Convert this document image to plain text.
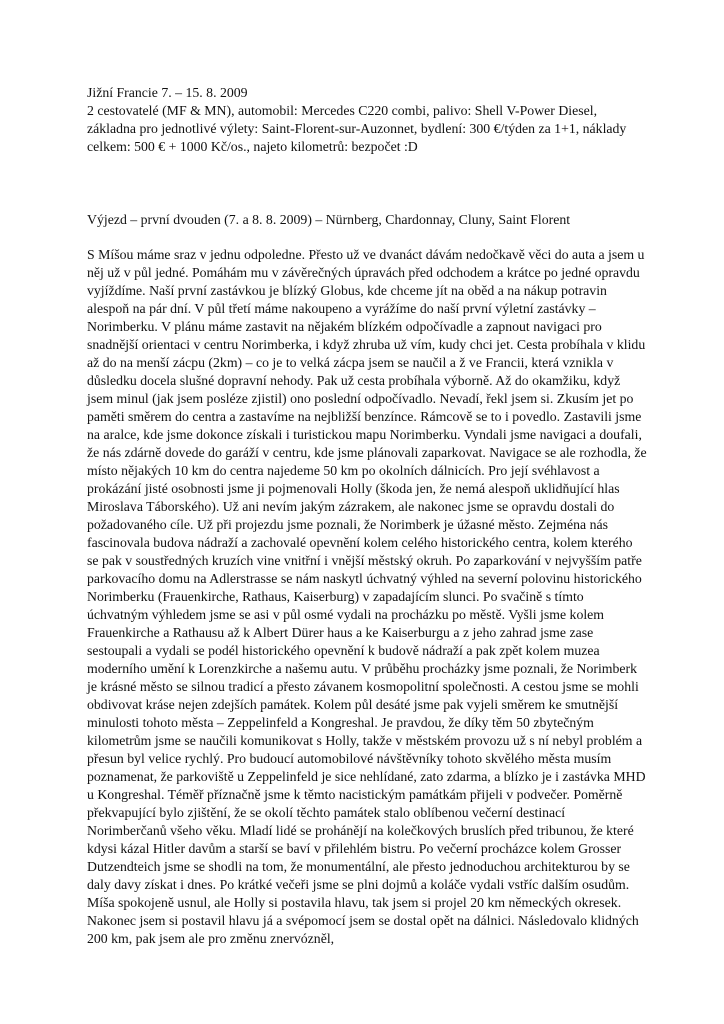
Jižní Francie 7. – 15. 8. 2009

2 cestovatelé (MF & MN), automobil: Mercedes C220 combi, palivo: Shell V-Power Diesel, základna pro jednotlivé výlety: Saint-Florent-sur-Auzonnet, bydlení: 300 €/týden za 1+1, náklady celkem: 500 € + 1000 Kč/os., najeto kilometrů: bezpočet :D

Výjezd – první dvouden (7. a 8. 8. 2009) – Nürnberg, Chardonnay, Cluny, Saint Florent

S Míšou máme sraz v jednu odpoledne. Přesto už ve dvanáct dávám nedočkavě věci do auta a jsem u něj už v půl jedné. Pomáhám mu v závěrečných úpravách před odchodem a krátce po jedné opravdu vyjíždíme. Naší první zastávkou je blízký Globus, kde chceme jít na oběd a na nákup potravin alespoň na pár dní. V půl třetí máme nakoupeno a vyrážíme do naší první výletní zastávky – Norimberku. V plánu máme zastavit na nějakém blízkém odpočívadle a zapnout navigaci pro snadnější orientaci v centru Norimberka, i když zhruba už vím, kudy chci jet. Cesta probíhala v klidu až do na menší zácpu (2km) – co je to velká zácpa jsem se naučil a ž ve Francii, která vznikla v důsledku docela slušné dopravní nehody. Pak už cesta probíhala výborně. Až do okamžiku, když jsem minul (jak jsem posléze zjistil) ono poslední odpočívadlo. Nevadí, řekl jsem si. Zkusím jet po paměti směrem do centra a zastavíme na nejbližší benzínce. Rámcově se to i povedlo. Zastavili jsme na aralce, kde jsme dokonce získali i turistickou mapu Norimberku. Vyndali jsme navigaci a doufali, že nás zdárně dovede do garáží v centru, kde jsme plánovali zaparkovat. Navigace se ale rozhodla, že místo nějakých 10 km do centra najedeme 50 km po okolních dálnicích. Pro její svéhlavost a prokázání jisté osobnosti jsme ji pojmenovali Holly (škoda jen, že nemá alespoň uklidňující hlas Miroslava Táborského). Už ani nevím jakým zázrakem, ale nakonec jsme se opravdu dostali do požadovaného cíle. Už při projezdu jsme poznali, že Norimberk je úžasné město. Zejména nás fascinovala budova nádraží a zachovalé opevnění kolem celého historického centra, kolem kterého se pak v soustředných kruzích vine vnitřní i vnější městský okruh. Po zaparkování v nejvyšším patře parkovacího domu na Adlerstrasse se nám naskytl úchvatný výhled na severní polovinu historického Norimberku (Frauenkirche, Rathaus, Kaiserburg) v zapadajícím slunci. Po svačině s tímto úchvatným výhledem jsme se asi v půl osmé vydali na procházku po městě. Vyšli jsme kolem Frauenkirche a Rathausu až k Albert Dürer haus a ke Kaiserburgu a z jeho zahrad jsme zase sestoupali a vydali se podél historického opevnění k budově nádraží a pak zpět kolem muzea moderního umění k Lorenzkirche a našemu autu. V průběhu procházky jsme poznali, že Norimberk je krásné město se silnou tradicí a přesto závanem kosmopolitní společnosti. A cestou jsme se mohli obdivovat kráse nejen zdejších památek. Kolem půl desáté jsme pak vyjeli směrem ke smutnější minulosti tohoto města – Zeppelinfeld a Kongreshal. Je pravdou, že díky těm 50 zbytečným kilometrům jsme se naučili komunikovat s Holly, takže v městském provozu už s ní nebyl problém a přesun byl velice rychlý. Pro budoucí automobilové návštěvníky tohoto skvělého města musím poznamenat, že parkoviště u Zeppelinfeld je sice nehlídané, zato zdarma, a blízko je i zastávka MHD u Kongreshal. Téměř příznačně jsme k těmto nacistickým památkám přijeli v podvečer. Poměrně překvapující bylo zjištění, že se okolí těchto památek stalo oblíbenou večerní destinací Norimberčanů všeho věku. Mladí lidé se prohánějí na kolečkových bruslích před tribunou, že které kdysi kázal Hitler davům a starší se baví v přilehlém bistru. Po večerní procházce kolem Grosser Dutzendteich jsme se shodli na tom, že monumentální, ale přesto jednoduchou architekturou by se daly davy získat i dnes. Po krátké večeři jsme se plni dojmů a koláče vydali vstříc dalším osudům. Míša spokojeně usnul, ale Holly si postavila hlavu, tak jsem si projel 20 km německých okresek. Nakonec jsem si postavil hlavu já a svépomocí jsem se dostal opět na dálnici. Následovalo klidných 200 km, pak jsem ale pro změnu znervózněl,
